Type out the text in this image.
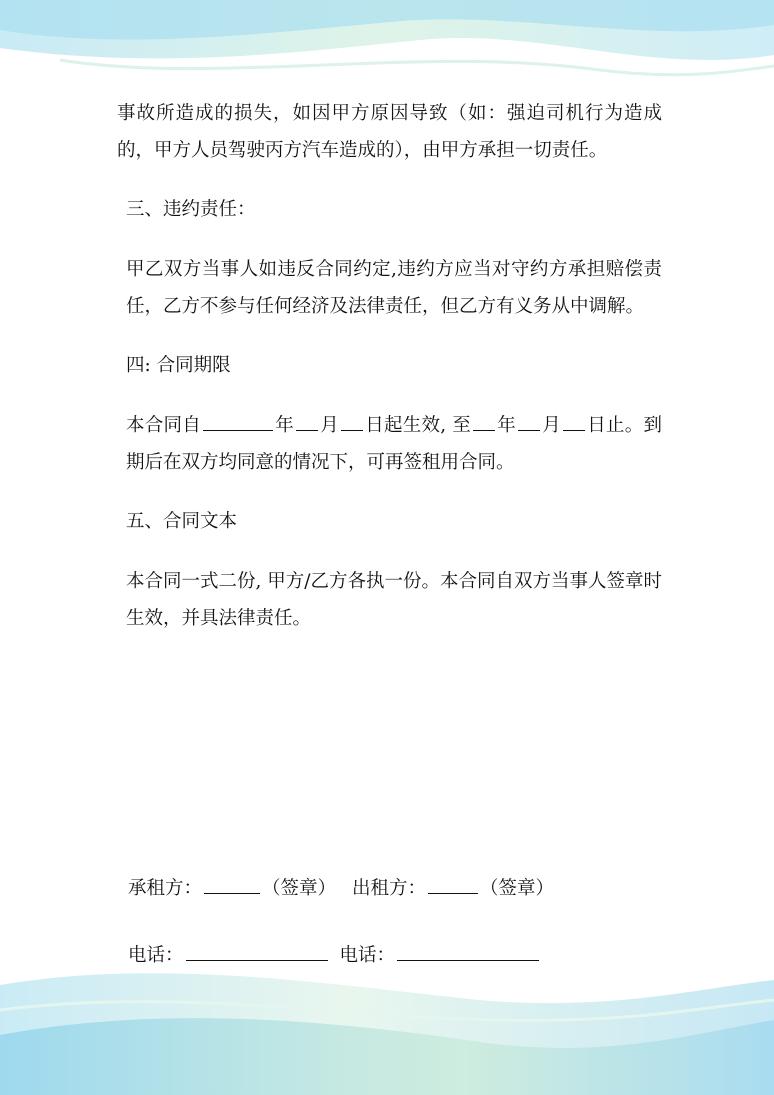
事故所造成的损失，如因甲方原因导致（如：强迫司机行为造成的，甲方人员驾驶丙方汽车造成的），由甲方承担一切责任。

三、违约责任：

甲乙双方当事人如违反合同约定,违约方应当对守约方承担赔偿责任，乙方不参与任何经济及法律责任，但乙方有义务从中调解。

四: 合同期限

本合同自	年 月 日起生效, 至 年 月 日止。到期后在双方均同意的情况下，可再签租用合同。

五、合同文本

本合同一式二份, 甲方/乙方各执一份。本合同自双方当事人签章时生效，并具法律责任。

承租方：	（签章） 出租方：	（签章）

电话：	电话：
